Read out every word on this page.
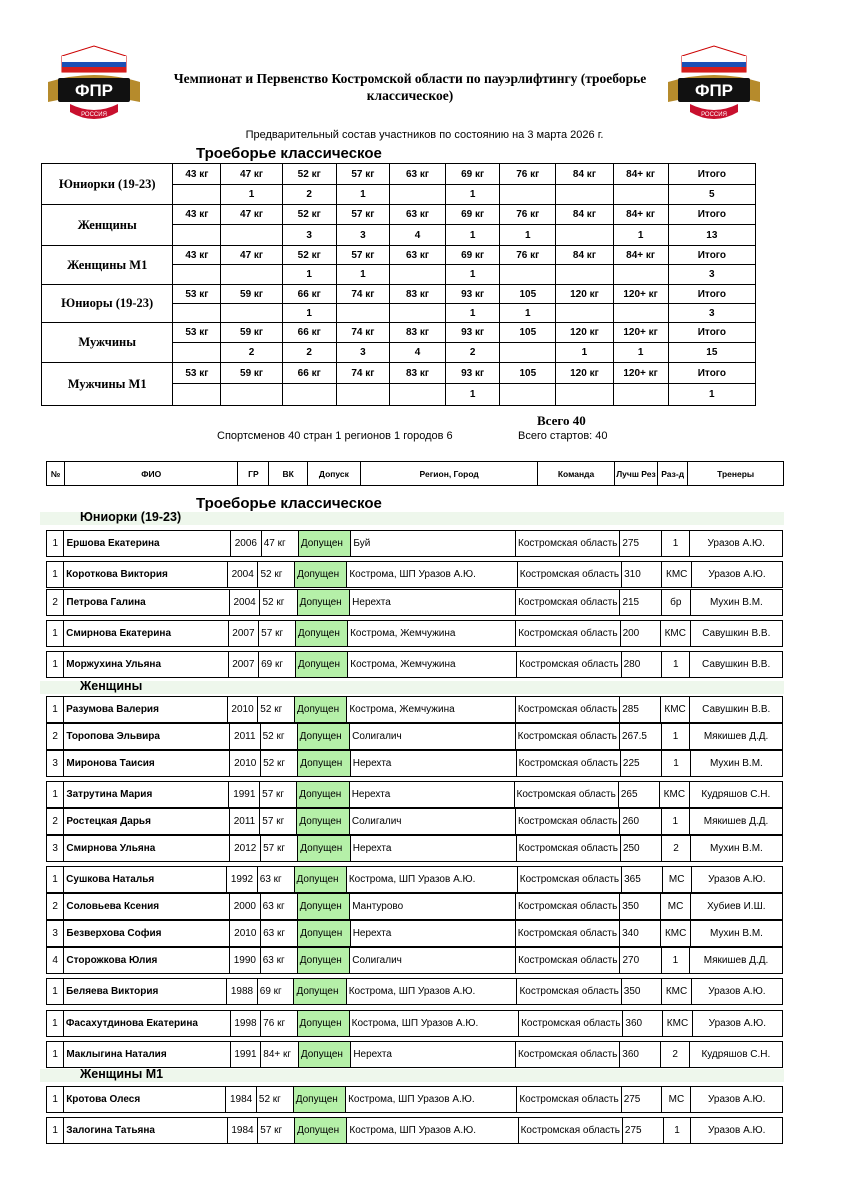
ФПР
РОССИЯ
ФПР
РОССИЯ
Чемпионат и Первенство Костромской области по пауэрлифтингу (троеборье классическое)
Предварительный состав участников по состоянию на 3 марта 2026 г.
Троеборье классическое
Юниорки (19-23)	43 кг	47 кг	52 кг	57 кг	63 кг	69 кг	76 кг	84 кг	84+ кг	Итого
		1	2	1		1				5
Женщины	43 кг	47 кг	52 кг	57 кг	63 кг	69 кг	76 кг	84 кг	84+ кг	Итого
			3	3	4	1	1		1	13
Женщины М1	43 кг	47 кг	52 кг	57 кг	63 кг	69 кг	76 кг	84 кг	84+ кг	Итого
			1	1		1				3
Юниоры (19-23)	53 кг	59 кг	66 кг	74 кг	83 кг	93 кг	105	120 кг	120+ кг	Итого
			1			1	1			3
Мужчины	53 кг	59 кг	66 кг	74 кг	83 кг	93 кг	105	120 кг	120+ кг	Итого
		2	2	3	4	2		1	1	15
Мужчины М1	53 кг	59 кг	66 кг	74 кг	83 кг	93 кг	105	120 кг	120+ кг	Итого
						1				1
Всего 40
Спортсменов 40 стран 1 регионов 1 городов 6	Всего стартов: 40
№	ФИО	ГР	ВК	Допуск	Регион, Город	Команда	Лучш Рез	Раз-д	Тренеры
Троеборье классическое
Юниорки (19-23)
Женщины
Женщины М1
1	Ершова Екатерина	2006	47 кг	Допущен	Буй	Костромская область	275	1	Уразов А.Ю.
1	Короткова Виктория	2004	52 кг	Допущен	Кострома, ШП Уразов А.Ю.	Костромская область	310	КМС	Уразов А.Ю.
2	Петрова Галина	2004	52 кг	Допущен	Нерехта	Костромская область	215	бр	Мухин В.М.
1	Смирнова Екатерина	2007	57 кг	Допущен	Кострома, Жемчужина	Костромская область	200	КМС	Савушкин В.В.
1	Моржухина Ульяна	2007	69 кг	Допущен	Кострома, Жемчужина	Костромская область	280	1	Савушкин В.В.
1	Разумова Валерия	2010	52 кг	Допущен	Кострома, Жемчужина	Костромская область	285	КМС	Савушкин В.В.
2	Торопова Эльвира	2011	52 кг	Допущен	Солигалич	Костромская область	267.5	1	Мякишев Д.Д.
3	Миронова Таисия	2010	52 кг	Допущен	Нерехта	Костромская область	225	1	Мухин В.М.
1	Затрутина Мария	1991	57 кг	Допущен	Нерехта	Костромская область	265	КМС	Кудряшов С.Н.
2	Ростецкая Дарья	2011	57 кг	Допущен	Солигалич	Костромская область	260	1	Мякишев Д.Д.
3	Смирнова Ульяна	2012	57 кг	Допущен	Нерехта	Костромская область	250	2	Мухин В.М.
1	Сушкова Наталья	1992	63 кг	Допущен	Кострома, ШП Уразов А.Ю.	Костромская область	365	МС	Уразов А.Ю.
2	Соловьева Ксения	2000	63 кг	Допущен	Мантурово	Костромская область	350	МС	Хубиев И.Ш.
3	Безверхова София	2010	63 кг	Допущен	Нерехта	Костромская область	340	КМС	Мухин В.М.
4	Сторожкова Юлия	1990	63 кг	Допущен	Солигалич	Костромская область	270	1	Мякишев Д.Д.
1	Беляева Виктория	1988	69 кг	Допущен	Кострома, ШП Уразов А.Ю.	Костромская область	350	КМС	Уразов А.Ю.
1	Фасахутдинова Екатерина	1998	76 кг	Допущен	Кострома, ШП Уразов А.Ю.	Костромская область	360	КМС	Уразов А.Ю.
1	Маклыгина Наталия	1991	84+ кг	Допущен	Нерехта	Костромская область	360	2	Кудряшов С.Н.
1	Кротова Олеся	1984	52 кг	Допущен	Кострома, ШП Уразов А.Ю.	Костромская область	275	МС	Уразов А.Ю.
1	Залогина Татьяна	1984	57 кг	Допущен	Кострома, ШП Уразов А.Ю.	Костромская область	275	1	Уразов А.Ю.
